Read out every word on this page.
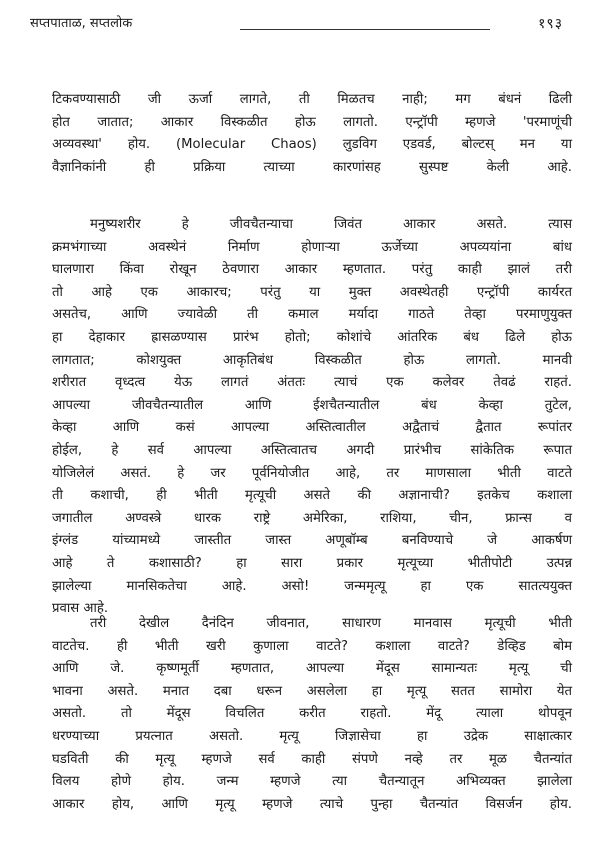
सप्तपाताळ, सप्तलोक	१९३
टिकवण्यासाठी जी ऊर्जा लागते, ती मिळतच नाही; मग बंधनं ढिली
होत जातात; आकार विस्कळीत होऊ लागतो. एन्ट्रॉपी म्हणजे 'परमाणूंची
अव्यवस्था' होय. (Molecular Chaos) लुडविग एडवर्ड, बोल्टस् मन या
वैज्ञानिकांनी ही प्रक्रिया त्याच्या कारणांसह सुस्पष्ट केली आहे.
मनुष्यशरीर हे जीवचैतन्याचा जिवंत आकार असते. त्यास
क्रमभंगाच्या अवस्थेनं निर्माण होणाऱ्या ऊर्जेच्या अपव्ययांना बांध
घालणारा किंवा रोखून ठेवणारा आकार म्हणतात. परंतु काही झालं तरी
तो आहे एक आकारच; परंतु या मुक्त अवस्थेतही एन्ट्रॉपी कार्यरत
असतेच, आणि ज्यावेळी ती कमाल मर्यादा गाठते तेव्हा परमाणुयुक्त
हा देहाकार ह्रासळण्यास प्रारंभ होतो; कोशांचे आंतरिक बंध ढिले होऊ
लागतात; कोशयुक्त आकृतिबंध विस्कळीत होऊ लागतो. मानवी
शरीरात वृध्दत्व येऊ लागतं अंततः त्याचं एक कलेवर तेवढं राहतं.
आपल्या जीवचैतन्यातील आणि ईशचैतन्यातील बंध केव्हा तुटेल,
केव्हा आणि कसं आपल्या अस्तित्वातील अद्वैताचं द्वैतात रूपांतर
होईल, हे सर्व आपल्या अस्तित्वातच अगदी प्रारंभीच सांकेतिक रूपात
योजिलेलं असतं. हे जर पूर्वनियोजीत आहे, तर माणसाला भीती वाटते
ती कशाची, ही भीती मृत्यूची असते की अज्ञानाची? इतकेच कशाला
जगातील अण्वस्त्रे धारक राष्ट्रे अमेरिका, राशिया, चीन, फ्रान्स व
इंग्लंड यांच्यामध्ये जास्तीत जास्त अणूबॉम्ब बनविण्याचे जे आकर्षण
आहे ते कशासाठी? हा सारा प्रकार मृत्यूच्या भीतीपोटी उत्पन्न
झालेल्या मानसिकतेचा आहे. असो! जन्ममृत्यू हा एक सातत्ययुक्त
प्रवास आहे.
तरी देखील दैनंदिन जीवनात, साधारण मानवास मृत्यूची भीती
वाटतेच. ही भीती खरी कुणाला वाटते? कशाला वाटते? डेव्हिड बोम
आणि जे. कृष्णमूर्ती म्हणतात, आपल्या मेंदूस सामान्यतः मृत्यू ची
भावना असते. मनात दबा धरून असलेला हा मृत्यू सतत सामोरा येत
असतो. तो मेंदूस विचलित करीत राहतो. मेंदू त्याला थोपवून
धरण्याच्या प्रयत्नात असतो. मृत्यू जिज्ञासेचा हा उद्रेक साक्षात्कार
घडविती की मृत्यू म्हणजे सर्व काही संपणे नव्हे तर मूळ चैतन्यांत
विलय होणे होय. जन्म म्हणजे त्या चैतन्यातून अभिव्यक्त झालेला
आकार होय, आणि मृत्यू म्हणजे त्याचे पुन्हा चैतन्यांत विसर्जन होय.
